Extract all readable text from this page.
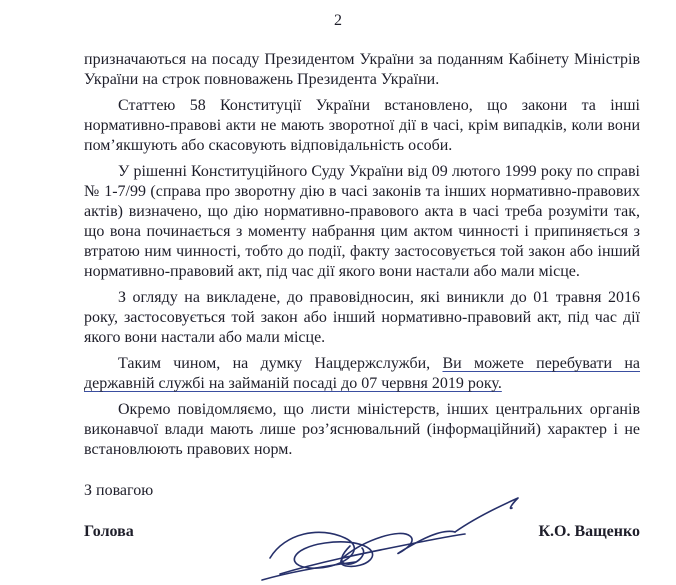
2

призначаються на посаду Президентом України за поданням Кабінету Міністрів України на строк повноважень Президента України.

Статтею 58 Конституції України встановлено, що закони та інші нормативно-правові акти не мають зворотної дії в часі, крім випадків, коли вони пом’якшують або скасовують відповідальність особи.

У рішенні Конституційного Суду України від 09 лютого 1999 року по справі № 1-7/99 (справа про зворотну дію в часі законів та інших нормативно-правових актів) визначено, що дію нормативно-правового акта в часі треба розуміти так, що вона починається з моменту набрання цим актом чинності і припиняється з втратою ним чинності, тобто до події, факту застосовується той закон або інший нормативно-правовий акт, під час дії якого вони настали або мали місце.

З огляду на викладене, до правовідносин, які виникли до 01 травня 2016 року, застосовується той закон або інший нормативно-правовий акт, під час дії якого вони настали або мали місце.

Таким чином, на думку Нацдержслужби, Ви можете перебувати на державній службі на займаній посаді до 07 червня 2019 року.

Окремо повідомляємо, що листи міністерств, інших центральних органів виконавчої влади мають лише роз’яснювальний (інформаційний) характер і не встановлюють правових норм.

З повагою
Голова	К.О. Ващенко
